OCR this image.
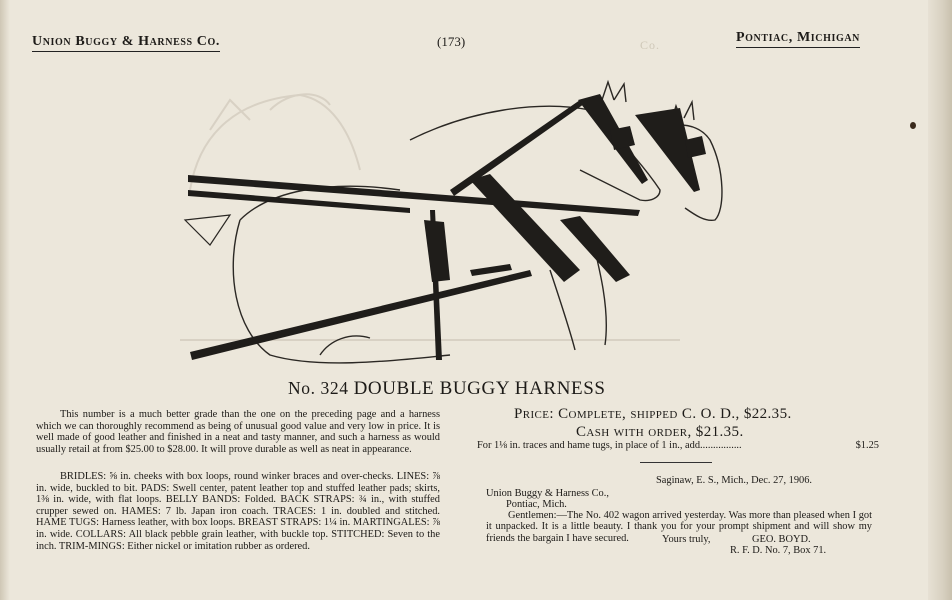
Union Buggy & Harness Co.	(173)	Co.	Pontiac, Michigan
No. 324 DOUBLE BUGGY HARNESS

This number is a much better grade than the one on the preceding page and a harness which we can thoroughly recommend as being of unusual good value and very low in price. It is well made of good leather and finished in a neat and tasty manner, and such a harness as would usually retail at from $25.00 to $28.00. It will prove durable as well as neat in appearance.

BRIDLES: ⅝ in. cheeks with box loops, round winker braces and over-checks. LINES: ⅞ in. wide, buckled to bit. PADS: Swell center, patent leather top and stuffed leather pads; skirts, 1⅜ in. wide, with flat loops. BELLY BANDS: Folded. BACK STRAPS: ¾ in., with stuffed crupper sewed on. HAMES: 7 lb. Japan iron coach. TRACES: 1 in. doubled and stitched. HAME TUGS: Harness leather, with box loops. BREAST STRAPS: 1¼ in. MARTINGALES: ⅞ in. wide. COLLARS: All black pebble grain leather, with buckle top. STITCHED: Seven to the inch. TRIM-MINGS: Either nickel or imitation rubber as ordered.

Price: Complete, shipped C. O. D., $22.35.
Cash with order, $21.35.
For 1⅛ in. traces and hame tugs, in place of 1 in., add................	$1.25
Saginaw, E. S., Mich., Dec. 27, 1906.
Union Buggy & Harness Co.,
Pontiac, Mich.
Gentlemen:—The No. 402 wagon arrived yesterday. Was more than pleased when I got it unpacked. It is a little beauty. I thank you for your prompt shipment and will show my friends the bargain I have secured.	Yours truly,	GEO. BOYD.
R. F. D. No. 7, Box 71.
